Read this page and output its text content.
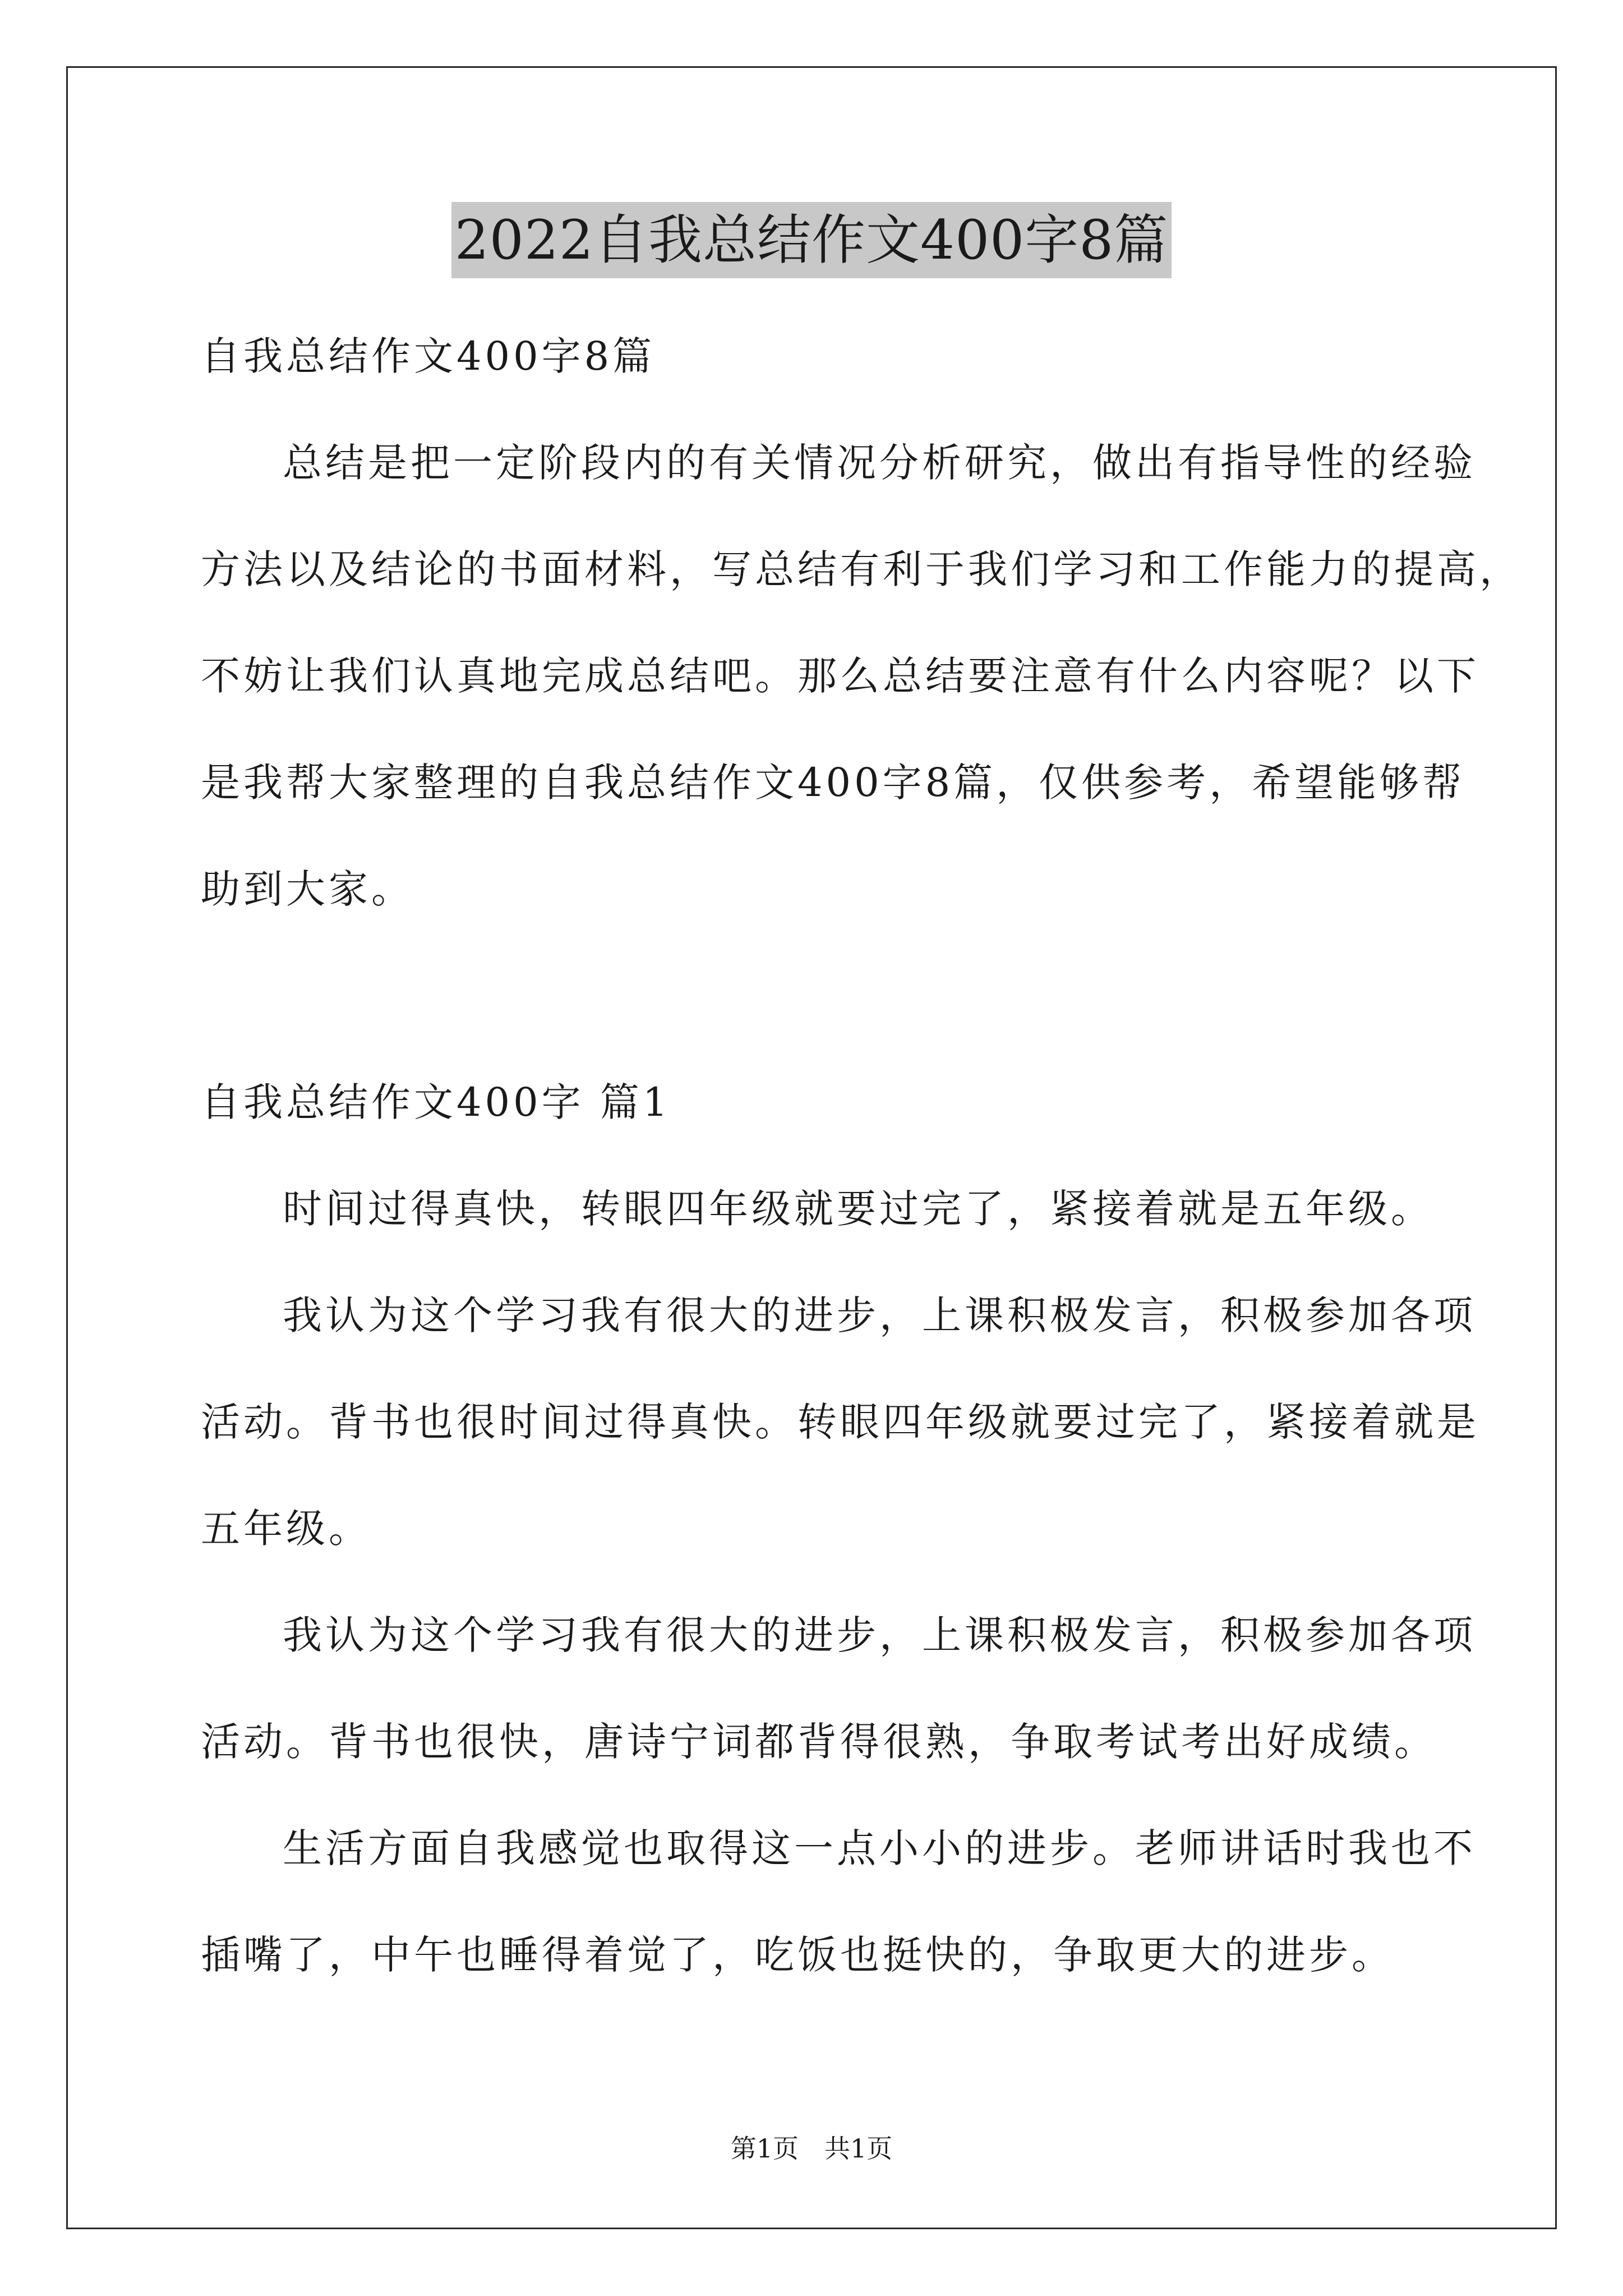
2022自我总结作文400字8篇
自我总结作文400字8篇
总结是把一定阶段内的有关情况分析研究，做出有指导性的经验
方法以及结论的书面材料，写总结有利于我们学习和工作能力的提高，
不妨让我们认真地完成总结吧。那么总结要注意有什么内容呢？以下
是我帮大家整理的自我总结作文400字8篇，仅供参考，希望能够帮
助到大家。
自我总结作文400字 篇1
时间过得真快，转眼四年级就要过完了，紧接着就是五年级。
我认为这个学习我有很大的进步，上课积极发言，积极参加各项
活动。背书也很时间过得真快。转眼四年级就要过完了，紧接着就是
五年级。
我认为这个学习我有很大的进步，上课积极发言，积极参加各项
活动。背书也很快，唐诗宁词都背得很熟，争取考试考出好成绩。
生活方面自我感觉也取得这一点小小的进步。老师讲话时我也不
插嘴了，中午也睡得着觉了，吃饭也挺快的，争取更大的进步。
第1页　共1页
